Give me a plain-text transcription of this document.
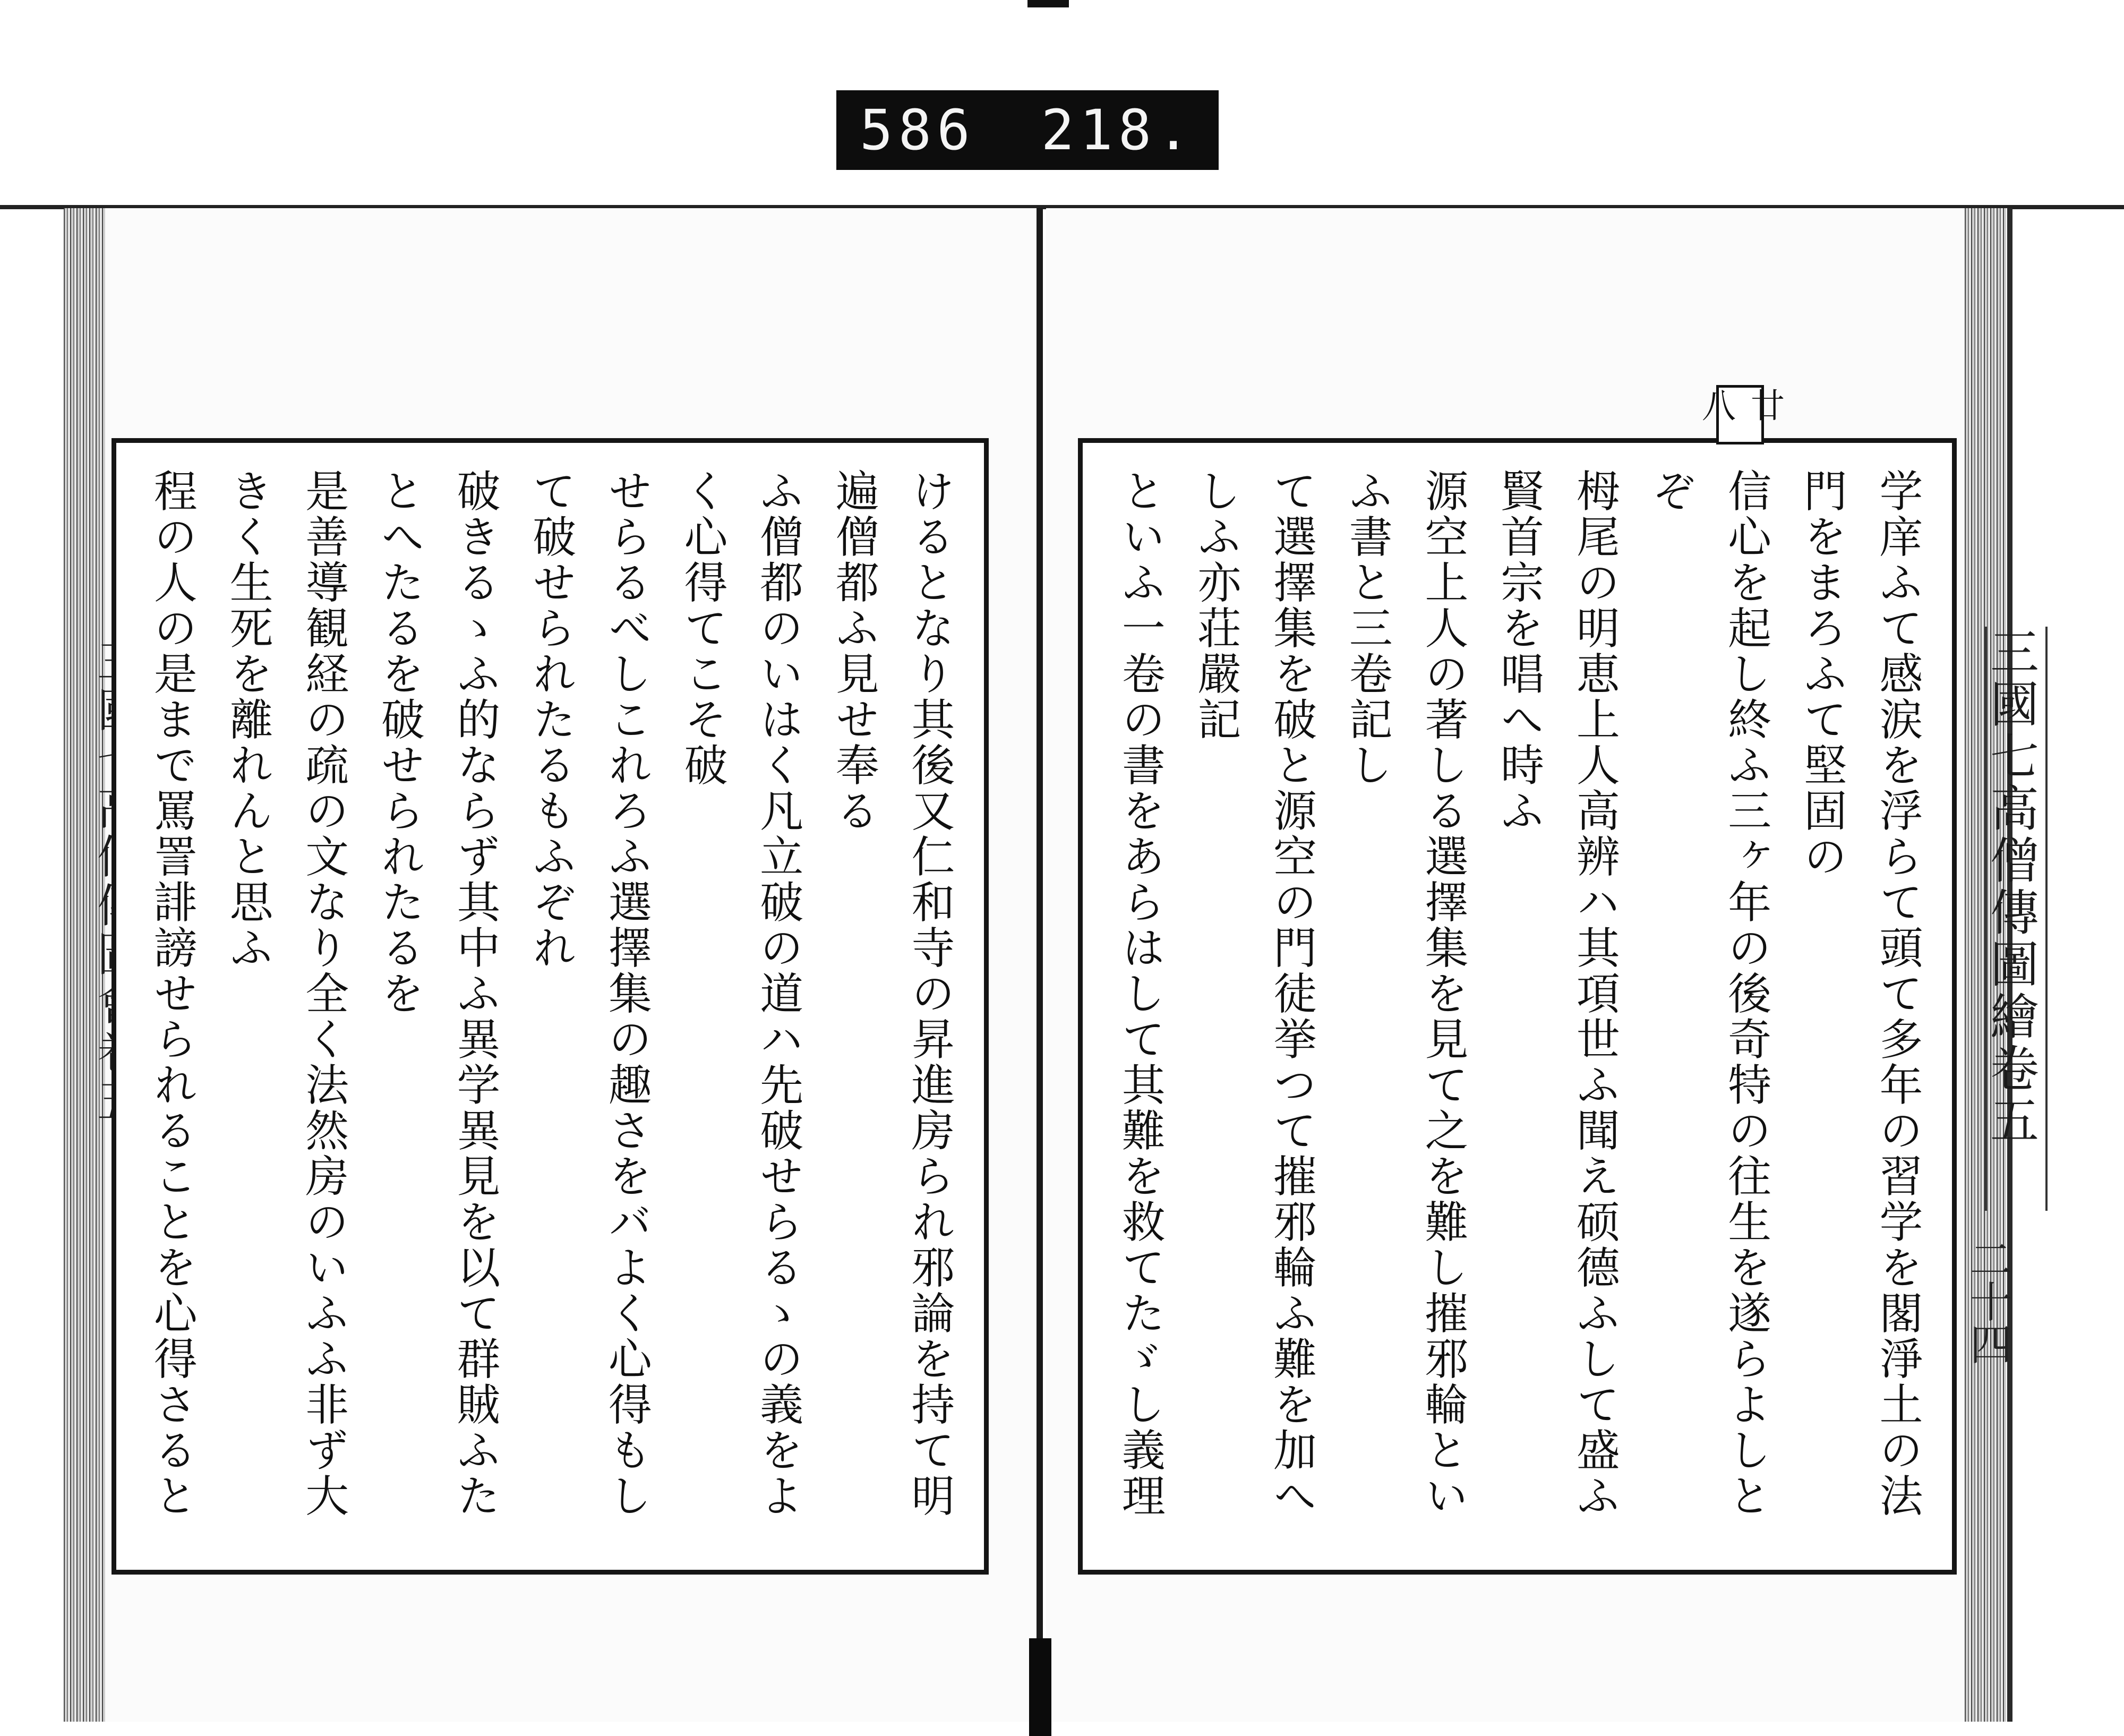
586 218.
けるとなり其後又仁和寺の昇進房られ邪論を持て明遍僧都ふ見せ奉る
ふ僧都のいはく凡立破の道ハ先破せらるゝの義をよく心得てこそ破
せらるべしこれろふ選擇集の趣さをバよく心得もして破せられたるもふぞれ
破きるゝふ的ならず其中ふ異学異見を以て群賊ふたとへたるを破せられたるを
是善導観経の疏の文なり全く法然房のいふふ非ず大きく生死を離れんと思ふ
程の人の是まで罵詈誹謗せられることを心得さると	学庠ふて感涙を浮らて頭て多年の習学を閣淨土の法門をまろふて堅固の
信心を起し終ふ三ヶ年の後奇特の往生を遂らよしとぞ
栂尾の明恵上人高辨ハ其項世ふ聞え硕德ふして盛ふ賢首宗を唱へ時ふ
源空上人の著しる選擇集を見て之を難し摧邪輪といふ書と三卷記し
て選擇集を破と源空の門徒挙つて摧邪輪ふ難を加へしふ亦荘嚴記
といふ一卷の書をあらはして其難を救てたゞし義理

三國七高僧傳圖繪卷五
二十四
